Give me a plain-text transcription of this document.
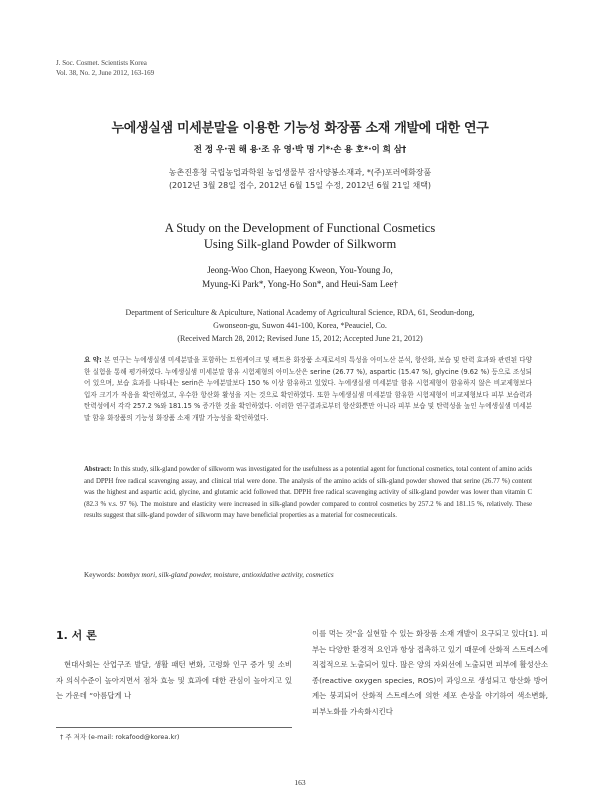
J. Soc. Cosmet. Scientists Korea
Vol. 38, No. 2, June 2012, 163-169
누에생실샘 미세분말을 이용한 기능성 화장품 소재 개발에 대한 연구
전 정 우·권 해 용·조 유 영·박 명 기*·손 용 호*·이 희 삼†
농촌진흥청 국립농업과학원 농업생물부 잠사양봉소재과, *(주)포러에화장품
(2012년 3월 28일 접수, 2012년 6월 15일 수정, 2012년 6월 21일 채택)
A Study on the Development of Functional Cosmetics
Using Silk-gland Powder of Silkworm
Jeong-Woo Chon, Haeyong Kweon, You-Young Jo,
Myung-Ki Park*, Yong-Ho Son*, and Heui-Sam Lee†
Department of Sericulture & Apiculture, National Academy of Agricultural Science, RDA, 61, Seodun-dong,
Gwonseon-gu, Suwon 441-100, Korea, *Peauciel, Co.
(Received March 28, 2012; Revised June 15, 2012; Accepted June 21, 2012)
요 약: 본 연구는 누에생실샘 미세분말을 포함하는 트윈케이크 및 팩트용 화장품 소재로서의 특성을 아미노산 분석, 항산화, 보습 및 탄력 효과와 관련된 다양한 실험을 통해 평가하였다. 누에생실샘 미세분말 함유 시험제형의 아미노산은 serine (26.77 %), aspartic (15.47 %), glycine (9.62 %) 등으로 조성되어 있으며, 보습 효과를 나타내는 serin은 누에분말보다 150 % 이상 함유하고 있었다. 누에생실샘 미세분말 함유 시험제형이 함유하지 않은 비교제형보다 입자 크기가 작음을 확인하였고, 우수한 항산화 활성을 지는 것으로 확인하였다. 또한 누에생실샘 미세분말 함유한 시험제형이 비교제형보다 피부 보습력과 탄력성에서 각각 257.2 %와 181.15 % 증가한 것을 확인하였다. 이러한 연구결과로부터 항산화뿐만 아니라 피부 보습 및 탄력성을 높인 누에생실샘 미세분말 함유 화장품의 기능성 화장품 소재 개발 가능성을 확인하였다.
Abstract: In this study, silk-gland powder of silkworm was investigated for the usefulness as a potential agent for functional cosmetics, total content of amino acids and DPPH free radical scavenging assay, and clinical trial were done. The analysis of the amino acids of silk-gland powder showed that serine (26.77 %) content was the highest and aspartic acid, glycine, and glutamic acid followed that. DPPH free radical scavenging activity of silk-gland powder was lower than vitamin C (82.3 % v.s. 97 %). The moisture and elasticity were increased in silk-gland powder compared to control cosmetics by 257.2 % and 181.15 %, relatively. These results suggest that silk-gland powder of silkworm may have beneficial properties as a material for cosmeceuticals.
Keywords: bombyx mori, silk-gland powder, moisture, antioxidative activity, cosmetics
1. 서 론
현대사회는 산업구조 발달, 생활 패턴 변화, 고령화 인구 증가 및 소비자 의식수준이 높아지면서 점차 효능 및 효과에 대한 관심이 높아지고 있는 가운데 “아름답게 나
이를 먹는 것”을 실현할 수 있는 화장품 소재 개발이 요구되고 있다[1]. 피부는 다양한 환경적 요인과 항상 접촉하고 있기 때문에 산화적 스트레스에 직접적으로 노출되어 있다. 많은 양의 자외선에 노출되면 피부에 활성산소종(reactive oxygen species, ROS)이 과잉으로 생성되고 항산화 방어계는 붕괴되어 산화적 스트레스에 의한 세포 손상을 야기하여 색소변화, 피부노화를 가속화시킨다
† 주 저자 (e-mail: rokafood@korea.kr)
163
